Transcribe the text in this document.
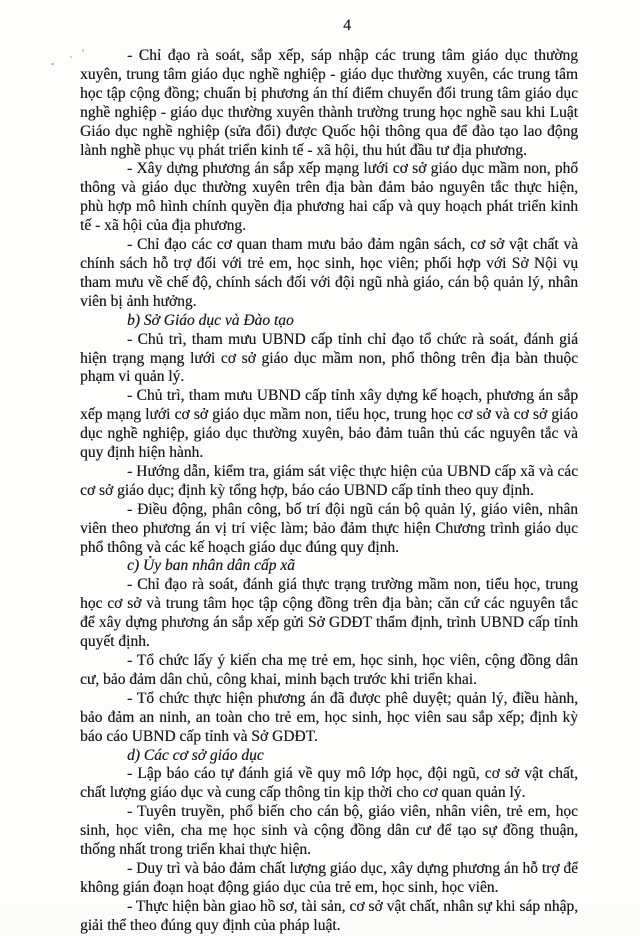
4

- Chỉ đạo rà soát, sắp xếp, sáp nhập các trung tâm giáo dục thường xuyên, trung tâm giáo dục nghề nghiệp - giáo dục thường xuyên, các trung tâm học tập cộng đồng; chuẩn bị phương án thí điểm chuyển đổi trung tâm giáo dục nghề nghiệp - giáo dục thường xuyên thành trường trung học nghề sau khi Luật Giáo dục nghề nghiệp (sửa đổi) được Quốc hội thông qua để đào tạo lao động lành nghề phục vụ phát triển kinh tế - xã hội, thu hút đầu tư địa phương.

- Xây dựng phương án sắp xếp mạng lưới cơ sở giáo dục mầm non, phổ thông và giáo dục thường xuyên trên địa bàn đảm bảo nguyên tắc thực hiện, phù hợp mô hình chính quyền địa phương hai cấp và quy hoạch phát triển kinh tế - xã hội của địa phương.

- Chỉ đạo các cơ quan tham mưu bảo đảm ngân sách, cơ sở vật chất và chính sách hỗ trợ đối với trẻ em, học sinh, học viên; phối hợp với Sở Nội vụ tham mưu về chế độ, chính sách đối với đội ngũ nhà giáo, cán bộ quản lý, nhân viên bị ảnh hưởng.

b) Sở Giáo dục và Đào tạo

- Chủ trì, tham mưu UBND cấp tỉnh chỉ đạo tổ chức rà soát, đánh giá hiện trạng mạng lưới cơ sở giáo dục mầm non, phổ thông trên địa bàn thuộc phạm vi quản lý.

- Chủ trì, tham mưu UBND cấp tỉnh xây dựng kế hoạch, phương án sắp xếp mạng lưới cơ sở giáo dục mầm non, tiểu học, trung học cơ sở và cơ sở giáo dục nghề nghiệp, giáo dục thường xuyên, bảo đảm tuân thủ các nguyên tắc và quy định hiện hành.

- Hướng dẫn, kiểm tra, giám sát việc thực hiện của UBND cấp xã và các cơ sở giáo dục; định kỳ tổng hợp, báo cáo UBND cấp tỉnh theo quy định.

- Điều động, phân công, bố trí đội ngũ cán bộ quản lý, giáo viên, nhân viên theo phương án vị trí việc làm; bảo đảm thực hiện Chương trình giáo dục phổ thông và các kế hoạch giáo dục đúng quy định.

c) Ủy ban nhân dân cấp xã

- Chỉ đạo rà soát, đánh giá thực trạng trường mầm non, tiểu học, trung học cơ sở và trung tâm học tập cộng đồng trên địa bàn; căn cứ các nguyên tắc để xây dựng phương án sắp xếp gửi Sở GDĐT thẩm định, trình UBND cấp tỉnh quyết định.

- Tổ chức lấy ý kiến cha mẹ trẻ em, học sinh, học viên, cộng đồng dân cư, bảo đảm dân chủ, công khai, minh bạch trước khi triển khai.

- Tổ chức thực hiện phương án đã được phê duyệt; quản lý, điều hành, bảo đảm an ninh, an toàn cho trẻ em, học sinh, học viên sau sắp xếp; định kỳ báo cáo UBND cấp tỉnh và Sở GDĐT.

d) Các cơ sở giáo dục

- Lập báo cáo tự đánh giá về quy mô lớp học, đội ngũ, cơ sở vật chất, chất lượng giáo dục và cung cấp thông tin kịp thời cho cơ quan quản lý.

- Tuyên truyền, phổ biến cho cán bộ, giáo viên, nhân viên, trẻ em, học sinh, học viên, cha mẹ học sinh và cộng đồng dân cư để tạo sự đồng thuận, thống nhất trong triển khai thực hiện.

- Duy trì và bảo đảm chất lượng giáo dục, xây dựng phương án hỗ trợ để không gián đoạn hoạt động giáo dục của trẻ em, học sinh, học viên.

- Thực hiện bàn giao hồ sơ, tài sản, cơ sở vật chất, nhân sự khi sáp nhập, giải thể theo đúng quy định của pháp luật.
